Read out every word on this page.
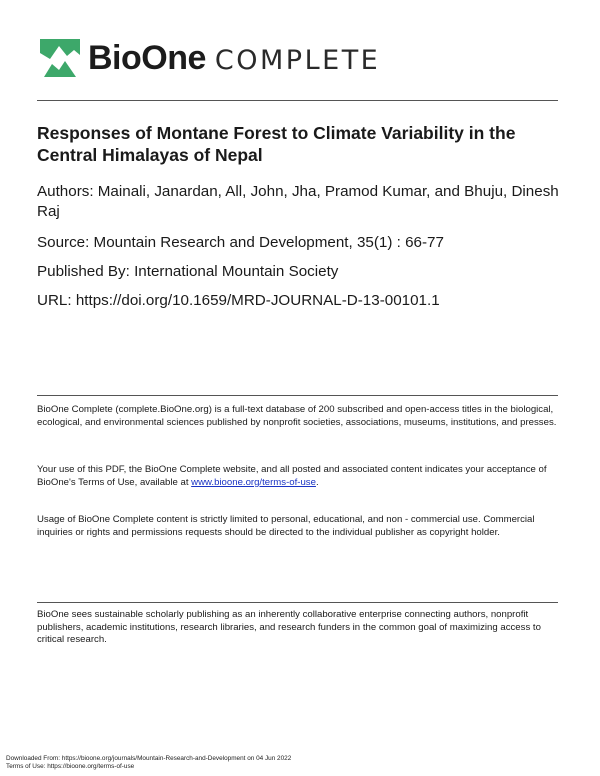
BioOne COMPLETE
Responses of Montane Forest to Climate Variability in the Central Himalayas of Nepal

Authors: Mainali, Janardan, All, John, Jha, Pramod Kumar, and Bhuju, Dinesh Raj

Source: Mountain Research and Development, 35(1) : 66-77

Published By: International Mountain Society

URL: https://doi.org/10.1659/MRD-JOURNAL-D-13-00101.1

BioOne Complete (complete.BioOne.org) is a full-text database of 200 subscribed and open-access titles in the biological, ecological, and environmental sciences published by nonprofit societies, associations, museums, institutions, and presses.

Your use of this PDF, the BioOne Complete website, and all posted and associated content indicates your acceptance of BioOne's Terms of Use, available at www.bioone.org/terms-of-use.

Usage of BioOne Complete content is strictly limited to personal, educational, and non - commercial use. Commercial inquiries or rights and permissions requests should be directed to the individual publisher as copyright holder.

BioOne sees sustainable scholarly publishing as an inherently collaborative enterprise connecting authors, nonprofit publishers, academic institutions, research libraries, and research funders in the common goal of maximizing access to critical research.

Downloaded From: https://bioone.org/journals/Mountain-Research-and-Development on 04 Jun 2022

Terms of Use: https://bioone.org/terms-of-use
